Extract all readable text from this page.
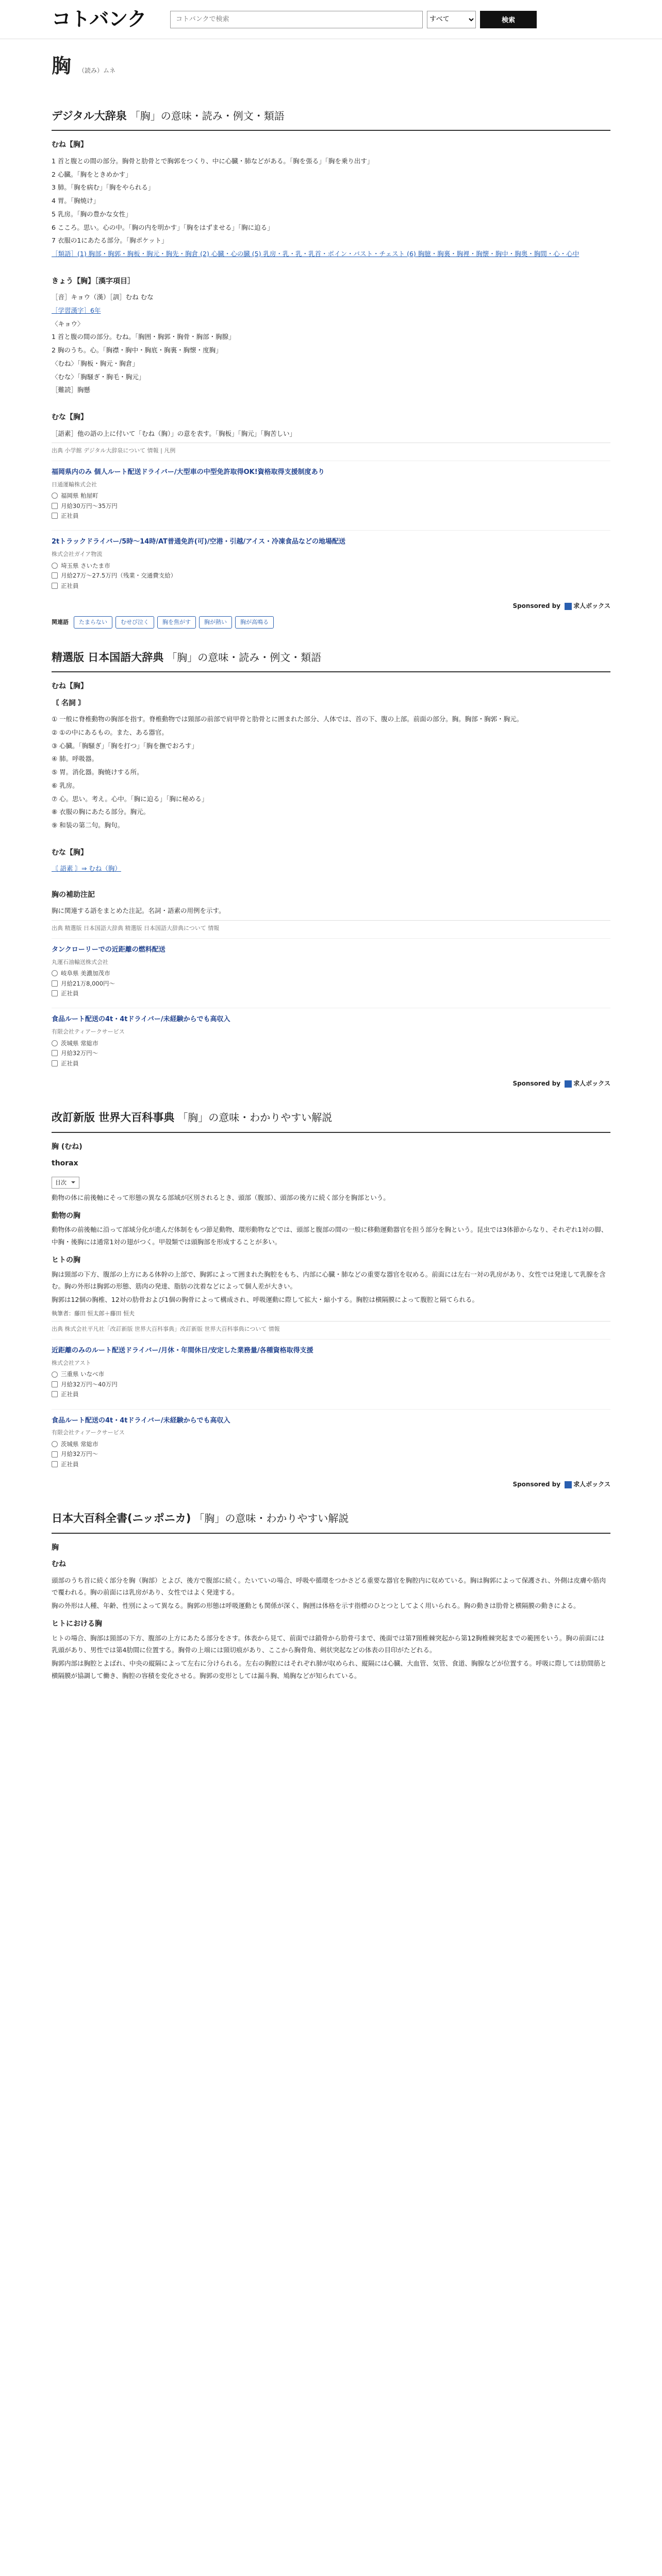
コトバンク
コトバンクで検索
すべて	検索
胸 （読み）ムネ
デジタル大辞泉 「胸」の意味・読み・例文・類語
むね【胸】

1 首と腹との間の部分。胸骨と肋骨とで胸郭をつくり、中に心臓・肺などがある。「胸を張る」「胸を乗り出す」

2 心臓。「胸をときめかす」

3 肺。「胸を病む」「胸をやられる」

4 胃。「胸焼け」

5 乳房。「胸の豊かな女性」

6 こころ。思い。心の中。「胸の内を明かす」「胸をはずませる」「胸に迫る」

7 衣服の1にあたる部分。「胸ポケット」

［類語］(1) 胸部・胸郭・胸板・胸元・胸先・胸倉 (2) 心臓・心の臓 (5) 乳房・乳・乳・乳首・ボイン・バスト・チェスト (6) 胸臆・胸裏・胸裡・胸懐・胸中・胸奥・胸間・心・心中

きょう【胸】［漢字項目］

［音］キョウ（漢）［訓］むね むな

［学習漢字］6年

〈キョウ〉

1 首と腹の間の部分。むね。「胸囲・胸郭・胸骨・胸部・胸腺」

2 胸のうち。心。「胸襟・胸中・胸底・胸裏・胸懐・度胸」

〈むね〉「胸板・胸元・胸倉」

〈むな〉「胸騒ぎ・胸毛・胸元」

［難読］胸懸

むな【胸】
［語素］他の語の上に付いて「むね（胸）」の意を表す。「胸板」「胸元」「胸苦しい」
出典 小学館 デジタル大辞泉について 情報 | 凡例
福岡県内のみ 個人ルート配送ドライバー/大型車の中型免許取得OK!資格取得支援制度あり
日通運輸株式会社
福岡県 粕屋町
月給30万円〜35万円
正社員
2tトラックドライバー/5時〜14時/AT普通免許(可)/空港・引越/アイス・冷凍食品などの地場配送
株式会社ガイア物流
埼玉県 さいたま市
月給27万〜27.5万円（残業・交通費支給）
正社員
Sponsored by 求人ボックス
関連語	たまらない	むせび泣く	胸を焦がす	胸が熱い	胸が高鳴る
精選版 日本国語大辞典 「胸」の意味・読み・例文・類語
むね【胸】
〘 名詞 〙

① 一般に脊椎動物の胸部を指す。脊椎動物では頸部の前部で肩甲骨と肋骨とに囲まれた部分、人体では、首の下、腹の上部。前面の部分。胸。胸部・胸郭・胸元。

② ①の中にあるもの。また、ある器官。

③ 心臓。「胸騒ぎ」「胸を打つ」「胸を撫でおろす」

④ 肺。呼吸器。

⑤ 胃。消化器。胸焼けする所。

⑥ 乳房。

⑦ 心。思い。考え。心中。「胸に迫る」「胸に秘める」

⑧ 衣服の胸にあたる部分。胸元。

⑨ 和装の第二句。胸句。

むな【胸】
〘 語素 〙⇒ むね（胸）
胸の補助注記
胸に関連する語をまとめた注記。名詞・語素の用例を示す。
出典 精選版 日本国語大辞典 精選版 日本国語大辞典について 情報
タンクローリーでの近距離の燃料配送
丸運石油輸送株式会社
岐阜県 美濃加茂市
月給21万8,000円〜
正社員
食品ルート配送の4t・4tドライバー/未経験からでも高収入
有限会社ティアークサービス
茨城県 常総市
月給32万円〜
正社員
Sponsored by 求人ボックス
改訂新版 世界大百科事典 「胸」の意味・わかりやすい解説
胸 (むね)
thorax
目次

動物の体に前後軸にそって形態の異なる部域が区別されるとき、頭部（腹部）、頭部の後方に続く部分を胸部という。

動物の胸

動物体の前後軸に沿って部域分化が進んだ体制をもつ節足動物、環形動物などでは、頭部と腹部の間の一般に移動運動器官を担う部分を胸という。昆虫では3体節からなり、それぞれ1対の脚、中胸・後胸には通常1対の翅がつく。甲殻類では頭胸部を形成することが多い。

ヒトの胸

胸は頸部の下方、腹部の上方にある体幹の上部で、胸郭によって囲まれた胸腔をもち、内部に心臓・肺などの重要な器官を収める。前面には左右一対の乳房があり、女性では発達して乳腺を含む。胸の外形は胸郭の形態、筋肉の発達、脂肪の沈着などによって個人差が大きい。

胸郭は12個の胸椎、12対の肋骨および1個の胸骨によって構成され、呼吸運動に際して拡大・縮小する。胸腔は横隔膜によって腹腔と隔てられる。

執筆者：藤田 恒太郎＋藤田 恒夫
出典 株式会社平凡社「改訂新版 世界大百科事典」改訂新版 世界大百科事典について 情報
近距離のみのルート配送ドライバー/月休・年間休日/安定した業務量/各種資格取得支援
株式会社アスト
三重県 いなべ市
月給32万円〜40万円
正社員
食品ルート配送の4t・4tドライバー/未経験からでも高収入
有限会社ティアークサービス
茨城県 常総市
月給32万円〜
正社員
Sponsored by 求人ボックス
日本大百科全書(ニッポニカ) 「胸」の意味・わかりやすい解説
胸
むね

頭部のうち首に続く部分を胸（胸部）とよび、後方で腹部に続く。たいていの場合、呼吸や循環をつかさどる重要な器官を胸腔内に収めている。胸は胸郭によって保護され、外側は皮膚や筋肉で覆われる。胸の前面には乳房があり、女性ではよく発達する。

胸の外形は人種、年齢、性別によって異なる。胸郭の形態は呼吸運動とも関係が深く、胸囲は体格を示す指標のひとつとしてよく用いられる。胸の動きは肋骨と横隔膜の動きによる。

ヒトにおける胸

ヒトの場合、胸部は頸部の下方、腹部の上方にあたる部分をさす。体表から見て、前面では鎖骨から肋骨弓まで、後面では第7頸椎棘突起から第12胸椎棘突起までの範囲をいう。胸の前面には乳頭があり、男性では第4肋間に位置する。胸骨の上端には頸切痕があり、ここから胸骨角、剣状突起などの体表の目印がたどれる。

胸郭内部は胸腔とよばれ、中央の縦隔によって左右に分けられる。左右の胸腔にはそれぞれ肺が収められ、縦隔には心臓、大血管、気管、食道、胸腺などが位置する。呼吸に際しては肋間筋と横隔膜が協調して働き、胸腔の容積を変化させる。胸郭の変形としては漏斗胸、鳩胸などが知られている。
